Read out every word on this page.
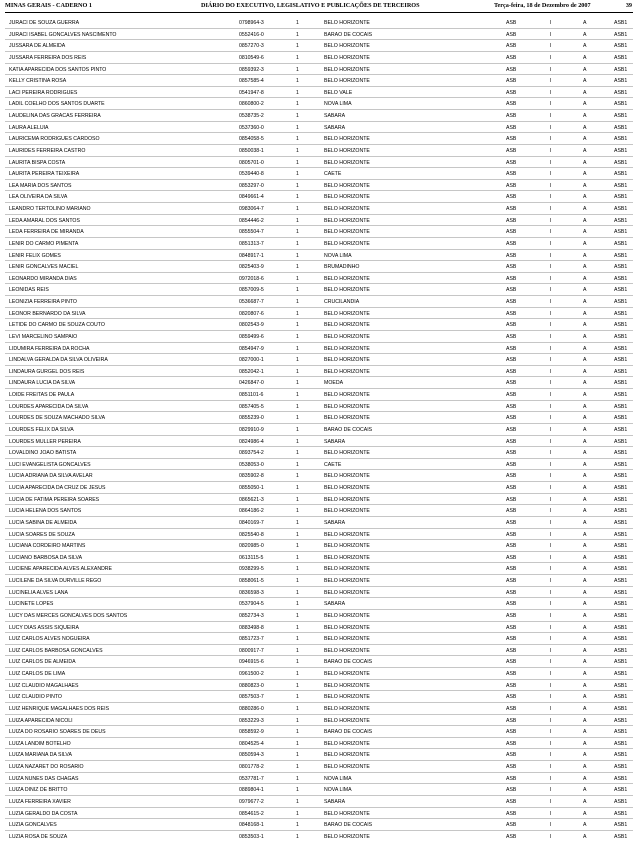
MINAS GERAIS - CADERNO 1	DIÁRIO DO EXECUTIVO, LEGISLATIVO E PUBLICAÇÕES DE TERCEIROS	Terça-feira, 18 de Dezembro de 2007	39
JURACI DE SOUZA GUERRA	0798964-3	1	BELO HORIZONTE	ASB	I	A	ASB1
JURACI ISABEL GONCALVES NASCIMENTO	0552416-0	1	BARAO DE COCAIS	ASB	I	A	ASB1
JUSSARA DE ALMEIDA	0857270-3	1	BELO HORIZONTE	ASB	I	A	ASB1
JUSSARA FERREIRA DOS REIS	0810549-6	1	BELO HORIZONTE	ASB	I	A	ASB1
KATIA APARECIDA DOS SANTOS PINTO	0859392-3	1	BELO HORIZONTE	ASB	I	A	ASB1
KELLY CRISTINA ROSA	0857585-4	1	BELO HORIZONTE	ASB	I	A	ASB1
LACI PEREIRA RODRIGUES	0541947-8	1	BELO VALE	ASB	I	A	ASB1
LADIL COELHO DOS SANTOS DUARTE	0860800-2	1	NOVA LIMA	ASB	I	A	ASB1
LAUDELINA DAS GRACAS FERREIRA	0538735-2	1	SABARA	ASB	I	A	ASB1
LAURA ALELUIA	0537360-0	1	SABARA	ASB	I	A	ASB1
LAURICEMA RODRIGUES CARDOSO	0854058-5	1	BELO HORIZONTE	ASB	I	A	ASB1
LAURIDES FERREIRA CASTRO	0850038-1	1	BELO HORIZONTE	ASB	I	A	ASB1
LAURITA BISPA COSTA	0805701-0	1	BELO HORIZONTE	ASB	I	A	ASB1
LAURITA PEREIRA TEIXEIRA	0539440-8	1	CAETE	ASB	I	A	ASB1
LEA MARIA DOS SANTOS	0853297-0	1	BELO HORIZONTE	ASB	I	A	ASB1
LEA OLIVEIRA DA SILVA	0849661-4	1	BELO HORIZONTE	ASB	I	A	ASB1
LEANDRO TERTOLINO MARIANO	0983064-7	1	BELO HORIZONTE	ASB	I	A	ASB1
LEDA AMARAL DOS SANTOS	0854446-2	1	BELO HORIZONTE	ASB	I	A	ASB1
LEDA FERREIRA DE MIRANDA	0855504-7	1	BELO HORIZONTE	ASB	I	A	ASB1
LENIR DO CARMO PIMENTA	0851313-7	1	BELO HORIZONTE	ASB	I	A	ASB1
LENIR FELIX GOMES	0848917-1	1	NOVA LIMA	ASB	I	A	ASB1
LENIR GONCALVES MACIEL	0825403-9	1	BRUMADINHO	ASB	I	A	ASB1
LEONARDO MIRANDA DIAS	0972018-6	1	BELO HORIZONTE	ASB	I	A	ASB1
LEONIDAS REIS	0857009-5	1	BELO HORIZONTE	ASB	I	A	ASB1
LEONIZIA FERREIRA PINTO	0536687-7	1	CRUCILANDIA	ASB	I	A	ASB1
LEONOR BERNARDO DA SILVA	0820807-6	1	BELO HORIZONTE	ASB	I	A	ASB1
LETIDE DO CARMO DE SOUZA COUTO	0802543-9	1	BELO HORIZONTE	ASB	I	A	ASB1
LEVI MARCELINO SAMPAIO	0859499-6	1	BELO HORIZONTE	ASB	I	A	ASB1
LIDUMIRA FERREIRA DA ROCHA	0854947-9	1	BELO HORIZONTE	ASB	I	A	ASB1
LINDALVA GERALDA DA SILVA OLIVEIRA	0827000-1	1	BELO HORIZONTE	ASB	I	A	ASB1
LINDAURA GURGEL DOS REIS	0852042-1	1	BELO HORIZONTE	ASB	I	A	ASB1
LINDAURA LUCIA DA SILVA	0426847-0	1	MOEDA	ASB	I	A	ASB1
LOIDE FREITAS DE PAULA	0851101-6	1	BELO HORIZONTE	ASB	I	A	ASB1
LOURDES APARECIDA DA SILVA	0857405-5	1	BELO HORIZONTE	ASB	I	A	ASB1
LOURDES DE SOUZA MACHADO SILVA	0855239-0	1	BELO HORIZONTE	ASB	I	A	ASB1
LOURDES FELIX DA SILVA	0829910-9	1	BARAO DE COCAIS	ASB	I	A	ASB1
LOURDES MULLER PEREIRA	0824986-4	1	SABARA	ASB	I	A	ASB1
LOVALDINO JOAO BATISTA	0893754-2	1	BELO HORIZONTE	ASB	I	A	ASB1
LUCI EVANGELISTA GONCALVES	0538053-0	1	CAETE	ASB	I	A	ASB1
LUCIA ADRIANA DA SILVA AVELAR	0835902-8	1	BELO HORIZONTE	ASB	I	A	ASB1
LUCIA APARECIDA DA CRUZ DE JESUS	0855050-1	1	BELO HORIZONTE	ASB	I	A	ASB1
LUCIA DE FATIMA PEREIRA SOARES	0865621-3	1	BELO HORIZONTE	ASB	I	A	ASB1
LUCIA HELENA DOS SANTOS	0864186-2	1	BELO HORIZONTE	ASB	I	A	ASB1
LUCIA SABINA DE ALMEIDA	0840169-7	1	SABARA	ASB	I	A	ASB1
LUCIA SOARES DE SOUZA	0825540-8	1	BELO HORIZONTE	ASB	I	A	ASB1
LUCIANA CORDEIRO MARTINS	0820985-0	1	BELO HORIZONTE	ASB	I	A	ASB1
LUCIANO BARBOSA DA SILVA	0613115-5	1	BELO HORIZONTE	ASB	I	A	ASB1
LUCIENE APARECIDA ALVES ALEXANDRE	0938299-5	1	BELO HORIZONTE	ASB	I	A	ASB1
LUCILENE DA SILVA DURVILLE REGO	0858061-5	1	BELO HORIZONTE	ASB	I	A	ASB1
LUCINELIA ALVES LANA	0836598-3	1	BELO HORIZONTE	ASB	I	A	ASB1
LUCINETE LOPES	0537904-5	1	SABARA	ASB	I	A	ASB1
LUCY DAS MERCES GONCALVES DOS SANTOS	0852734-3	1	BELO HORIZONTE	ASB	I	A	ASB1
LUCY DIAS ASSIS SIQUEIRA	0883498-8	1	BELO HORIZONTE	ASB	I	A	ASB1
LUIZ CARLOS ALVES NOGUEIRA	0851723-7	1	BELO HORIZONTE	ASB	I	A	ASB1
LUIZ CARLOS BARBOSA GONCALVES	0800917-7	1	BELO HORIZONTE	ASB	I	A	ASB1
LUIZ CARLOS DE ALMEIDA	0946915-6	1	BARAO DE COCAIS	ASB	I	A	ASB1
LUIZ CARLOS DE LIMA	0961500-2	1	BELO HORIZONTE	ASB	I	A	ASB1
LUIZ CLAUDIO MAGALHAES	0880823-0	1	BELO HORIZONTE	ASB	I	A	ASB1
LUIZ CLAUDIO PINTO	0857503-7	1	BELO HORIZONTE	ASB	I	A	ASB1
LUIZ HENRIQUE MAGALHAES DOS REIS	0880286-0	1	BELO HORIZONTE	ASB	I	A	ASB1
LUIZA APARECIDA NICOLI	0853229-3	1	BELO HORIZONTE	ASB	I	A	ASB1
LUIZA DO ROSARIO SOARES DE DEUS	0858592-9	1	BARAO DE COCAIS	ASB	I	A	ASB1
LUIZA LANDIM BOTELHO	0804525-4	1	BELO HORIZONTE	ASB	I	A	ASB1
LUIZA MARIANA DA SILVA	0850594-3	1	BELO HORIZONTE	ASB	I	A	ASB1
LUIZA NAZARET DO ROSARIO	0801778-2	1	BELO HORIZONTE	ASB	I	A	ASB1
LUIZA NUNES DAS CHAGAS	0537781-7	1	NOVA LIMA	ASB	I	A	ASB1
LUIZA DINIZ DE BRITTO	0889804-1	1	NOVA LIMA	ASB	I	A	ASB1
LUIZA FERREIRA XAVIER	0979677-2	1	SABARA	ASB	I	A	ASB1
LUZIA GERALDO DA COSTA	0854615-2	1	BELO HORIZONTE	ASB	I	A	ASB1
LUZIA GONCALVES	0848168-1	1	BARAO DE COCAIS	ASB	I	A	ASB1
LUZIA ROSA DE SOUZA	0853503-1	1	BELO HORIZONTE	ASB	I	A	ASB1
